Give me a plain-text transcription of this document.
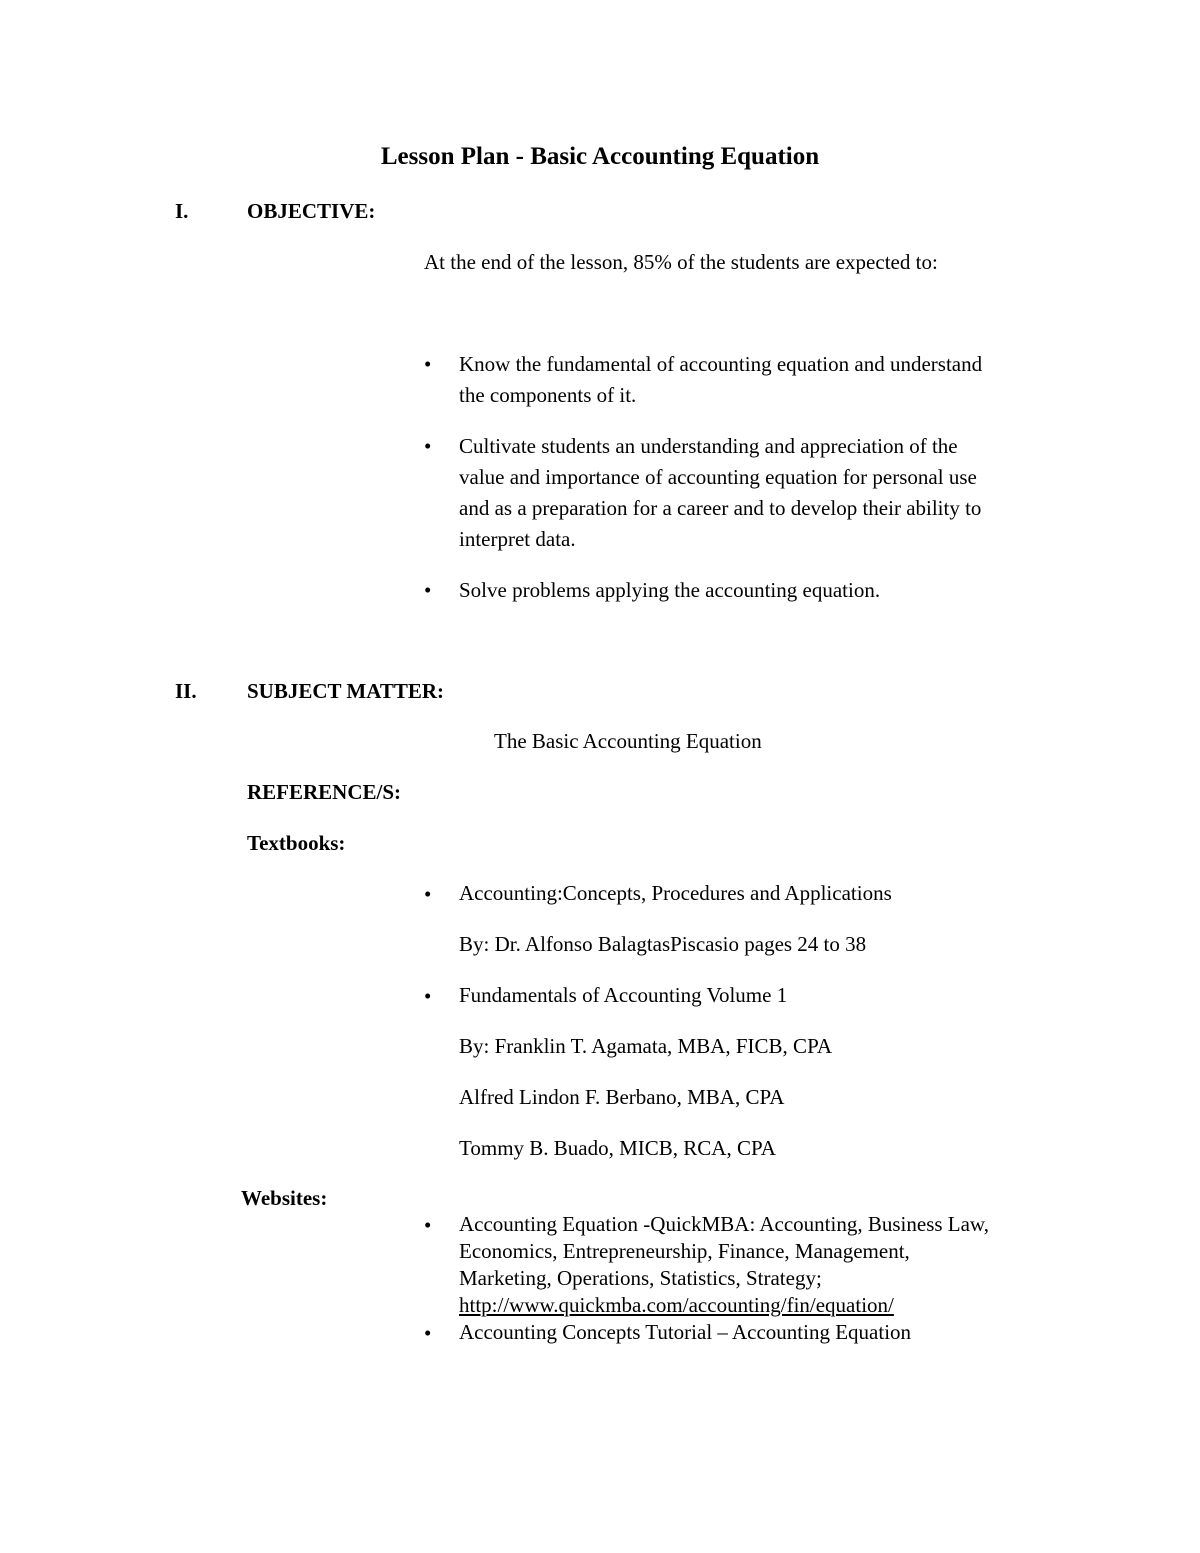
Lesson Plan - Basic Accounting Equation
I.	OBJECTIVE:
At the end of the lesson, 85% of the students are expected to:
• Know the fundamental of accounting equation and understand
the components of it.
• Cultivate students an understanding and appreciation of the
value and importance of accounting equation for personal use
and as a preparation for a career and to develop their ability to
interpret data.
• Solve problems applying the accounting equation.
II. SUBJECT MATTER:
The Basic Accounting Equation
REFERENCE/S:
Textbooks:
• Accounting:Concepts, Procedures and Applications
By: Dr. Alfonso BalagtasPiscasio pages 24 to 38
• Fundamentals of Accounting Volume 1
By: Franklin T. Agamata, MBA, FICB, CPA
Alfred Lindon F. Berbano, MBA, CPA
Tommy B. Buado, MICB, RCA, CPA
Websites:
• Accounting Equation -QuickMBA: Accounting, Business Law,
Economics, Entrepreneurship, Finance, Management,
Marketing, Operations, Statistics, Strategy;
http://www.quickmba.com/accounting/fin/equation/
• Accounting Concepts Tutorial – Accounting Equation
